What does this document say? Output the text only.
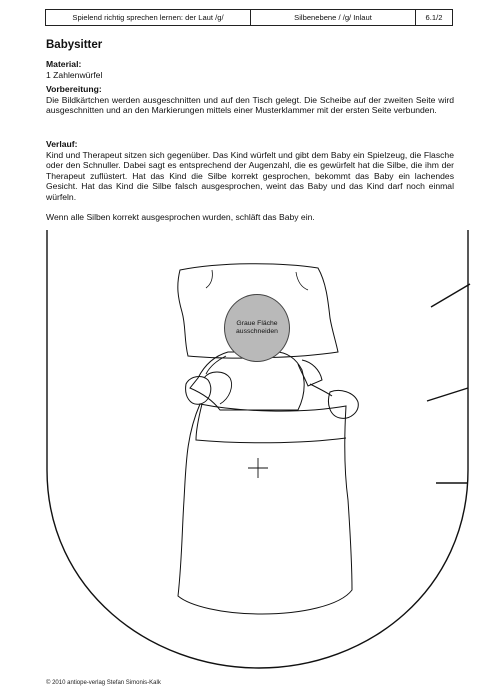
Spielend richtig sprechen lernen: der Laut /g/	Silbenebene / /g/ Inlaut	6.1/2
Babysitter
Material:
1 Zahlenwürfel
Vorbereitung:
Die Bildkärtchen werden ausgeschnitten und auf den Tisch gelegt. Die Scheibe auf der zweiten Seite wird ausgeschnitten und an den Markierungen mittels einer Musterklammer mit der ersten Seite verbunden.
Verlauf:
Kind und Therapeut sitzen sich gegenüber. Das Kind würfelt und gibt dem Baby ein Spielzeug, die Flasche oder den Schnuller. Dabei sagt es entsprechend der Augenzahl, die es gewürfelt hat die Silbe, die ihm der Therapeut zuflüstert. Hat das Kind die Silbe korrekt gesprochen, bekommt das Baby ein lachendes Gesicht. Hat das Kind die Silbe falsch ausgesprochen, weint das Baby und das Kind darf noch einmal würfeln.
Wenn alle Silben korrekt ausgesprochen wurden, schläft das Baby ein.
Graue Fläche
ausschneiden
© 2010 antiope-verlag Stefan Simonis-Kalk
